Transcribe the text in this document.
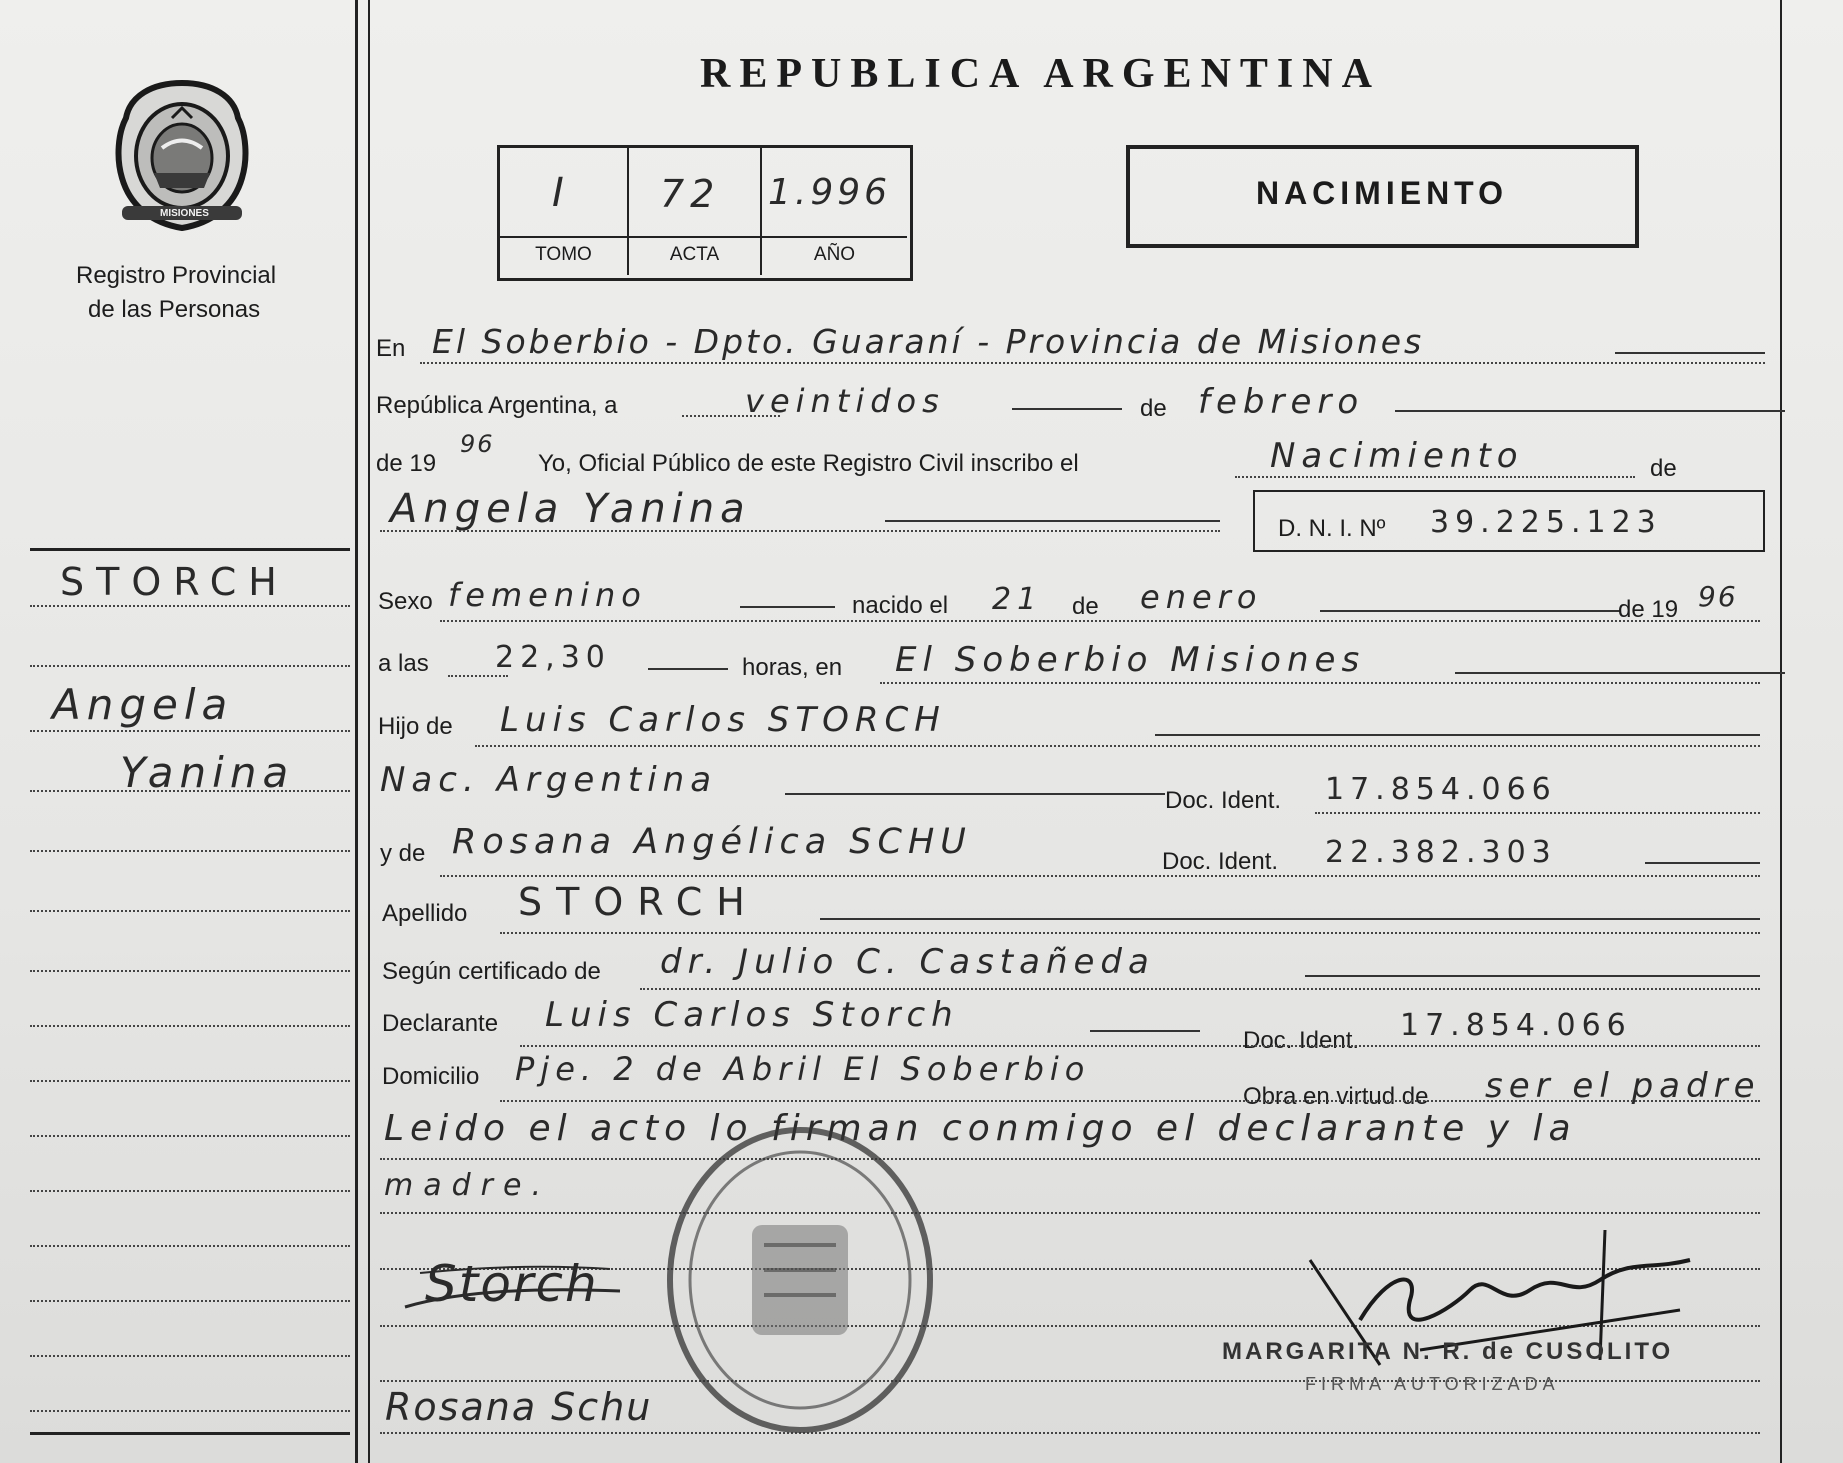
MISIONES
Registro Provincial
de las Personas
REPUBLICA ARGENTINA
I 72 1.996
TOMO	ACTA	AÑO
NACIMIENTO
STORCH
Angela
Yanina
En El Soberbio - Dpto. Guaraní - Provincia de Misiones
República Argentina, a	veintidos	de febrero
de 19
96
Yo, Oficial Público de este Registro Civil inscribo el	Nacimiento	de
Angela Yanina	D. N. I. Nº 39.225.123
Sexo femenino	nacido el 21 de enero	de 19 96
a las 22,30	horas, en El Soberbio Misiones
Hijo de Luis Carlos STORCH
Nac. Argentina
Doc. Ident. 17.854.066
y de Rosana Angélica SCHU	Doc. Ident. 22.382.303
Apellido STORCH
Según certificado de dr. Julio C. Castañeda
Declarante Luis Carlos Storch
Doc. Ident. 17.854.066
Domicilio Pje. 2 de Abril El Soberbio
Obra en virtud de ser el padre
Leido el acto lo firman conmigo el declarante y la
madre.
Storch
Rosana Schu
MARGARITA N. R. de CUSOLITO
FIRMA AUTORIZADA
